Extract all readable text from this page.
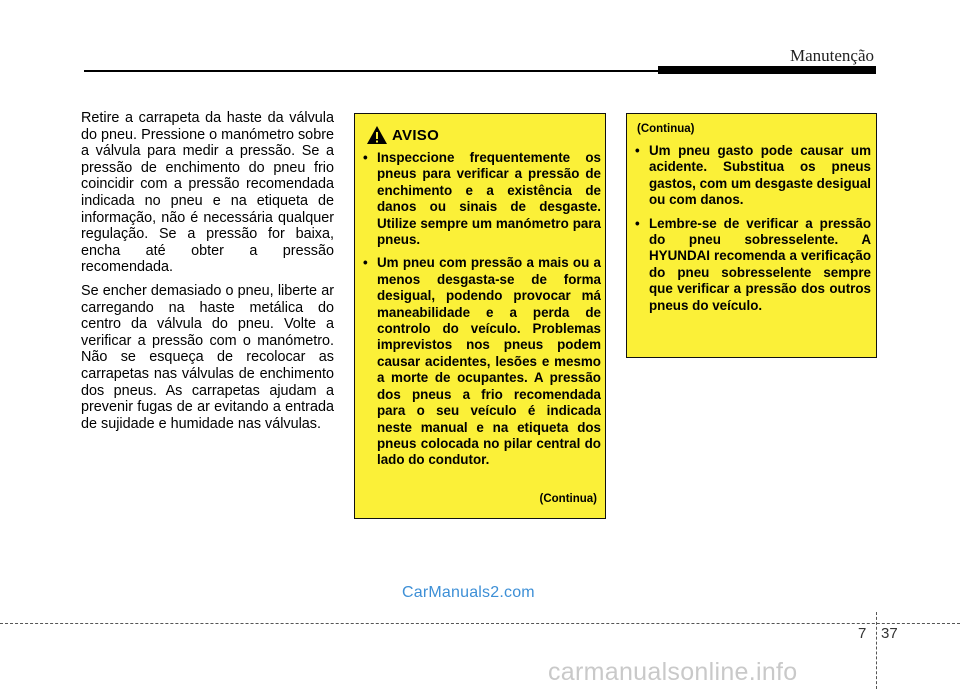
Manutenção

Retire a carrapeta da haste da válvula do pneu. Pressione o manómetro sobre a válvula para medir a pressão. Se a pressão de enchimento do pneu frio coincidir com a pressão recomendada indicada no pneu e na etiqueta de informação, não é necessária qualquer regulação. Se a pressão for baixa, encha até obter a pressão recomendada.

Se encher demasiado o pneu, liberte ar carregando na haste metálica do centro da válvula do pneu. Volte a verificar a pressão com o manómetro. Não se esqueça de recolocar as carrapetas nas válvulas de enchimento dos pneus. As carrapetas ajudam a prevenir fugas de ar evitando a entrada de sujidade e humidade nas válvulas.

AVISO
• Inspeccione frequentemente os pneus para verificar a pressão de enchimento e a existência de danos ou sinais de desgaste. Utilize sempre um manómetro para pneus.
• Um pneu com pressão a mais ou a menos desgasta-se de forma desigual, podendo provocar má maneabilidade e a perda de controlo do veículo. Problemas imprevistos nos pneus podem causar acidentes, lesões e mesmo a morte de ocupantes. A pressão dos pneus a frio recomendada para o seu veículo é indicada neste manual e na etiqueta dos pneus colocada no pilar central do lado do condutor.
(Continua)
(Continua)
• Um pneu gasto pode causar um acidente. Substitua os pneus gastos, com um desgaste desigual ou com danos.
• Lembre-se de verificar a pressão do pneu sobresselente. A HYUNDAI recomenda a verificação do pneu sobresselente sempre que verificar a pressão dos outros pneus do veículo.
CarManuals2.com
7 37
carmanualsonline.info
